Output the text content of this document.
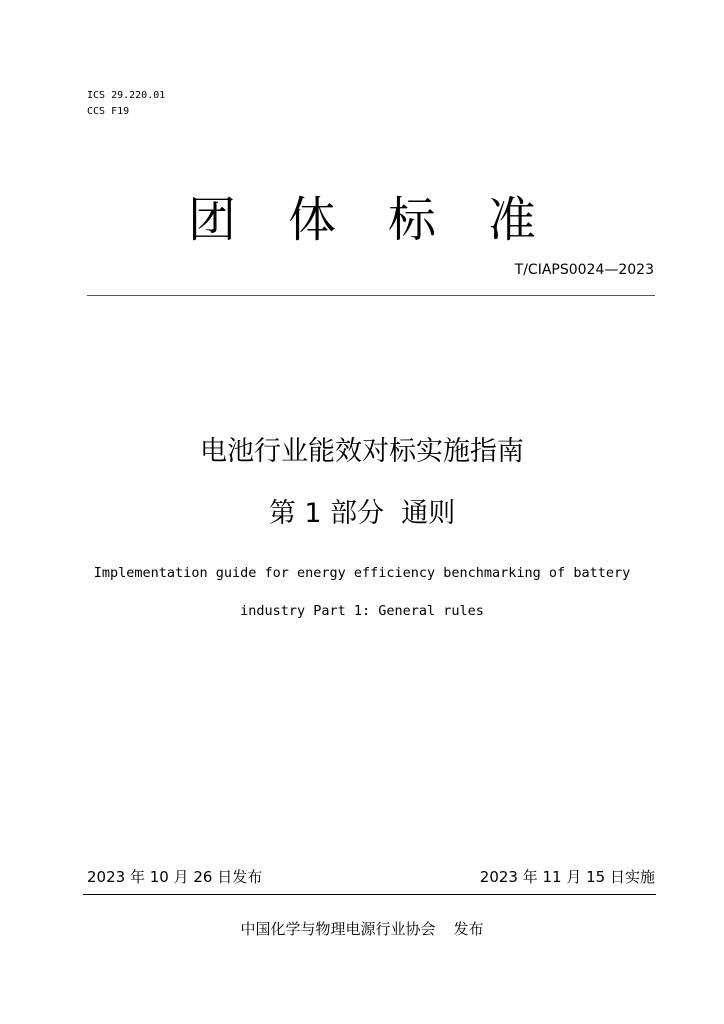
ICS 29.220.01
CCS F19
团体标准
T/CIAPS0024—2023
电池行业能效对标实施指南
第 1 部分  通则
Implementation guide for energy efficiency benchmarking of battery
industry Part 1: General rules
2023 年 10 月 26 日发布	2023 年 11 月 15 日实施
中国化学与物理电源行业协会 发布
